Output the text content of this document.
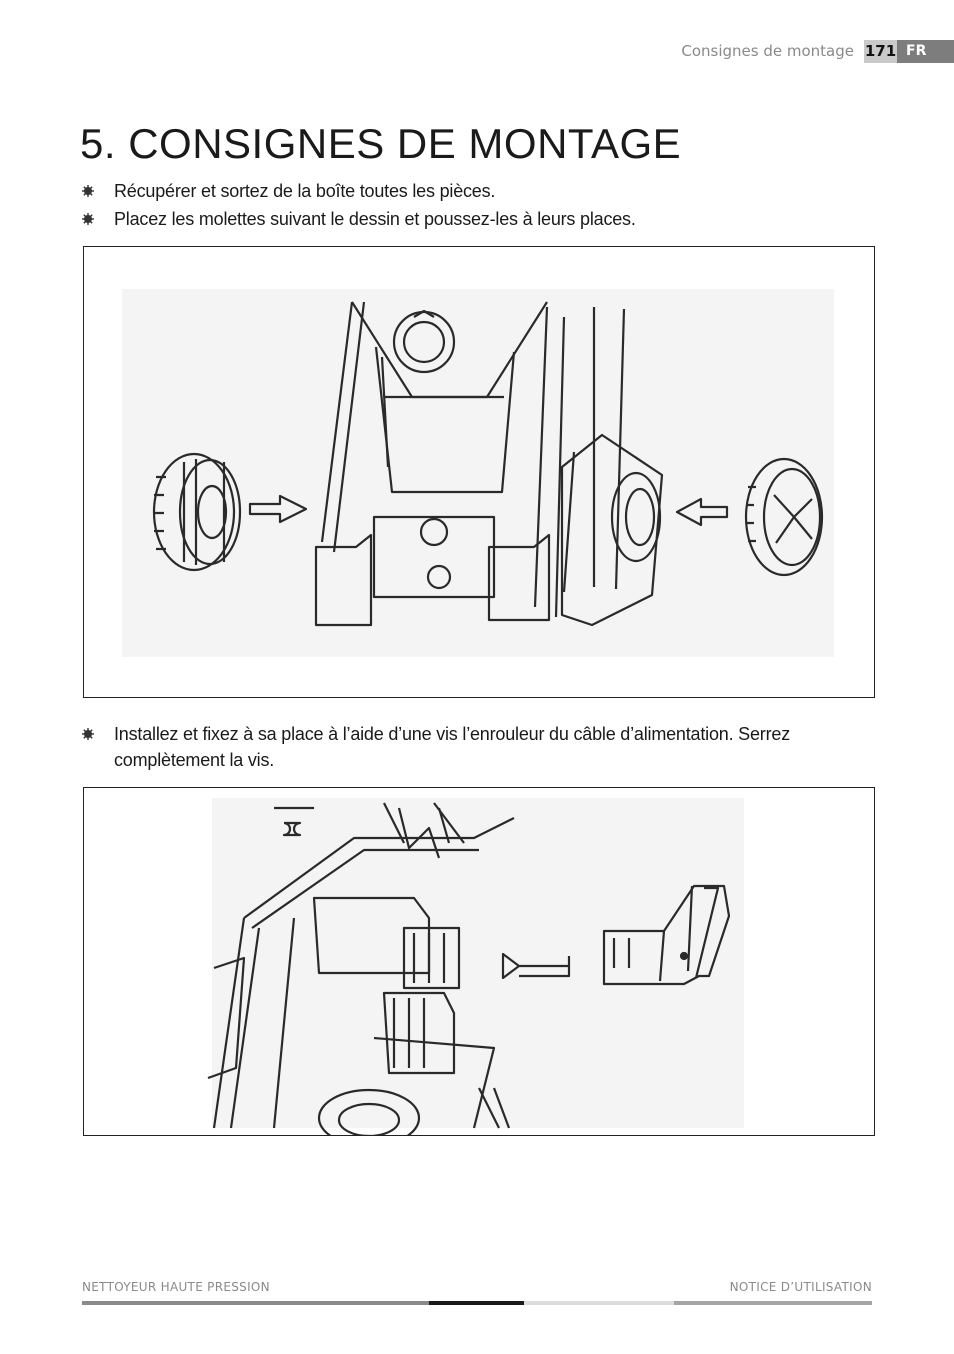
Consignes de montage 171 FR
5. CONSIGNES DE MONTAGE
Récupérer et sortez de la boîte toutes les pièces.
Placez les molettes suivant le dessin et poussez-les à leurs places.
Installez et fixez à sa place à l’aide d’une vis l’enrouleur du câble d’alimentation. Serrez complètement la vis.
NETTOYEUR HAUTE PRESSION	NOTICE D’UTILISATION
